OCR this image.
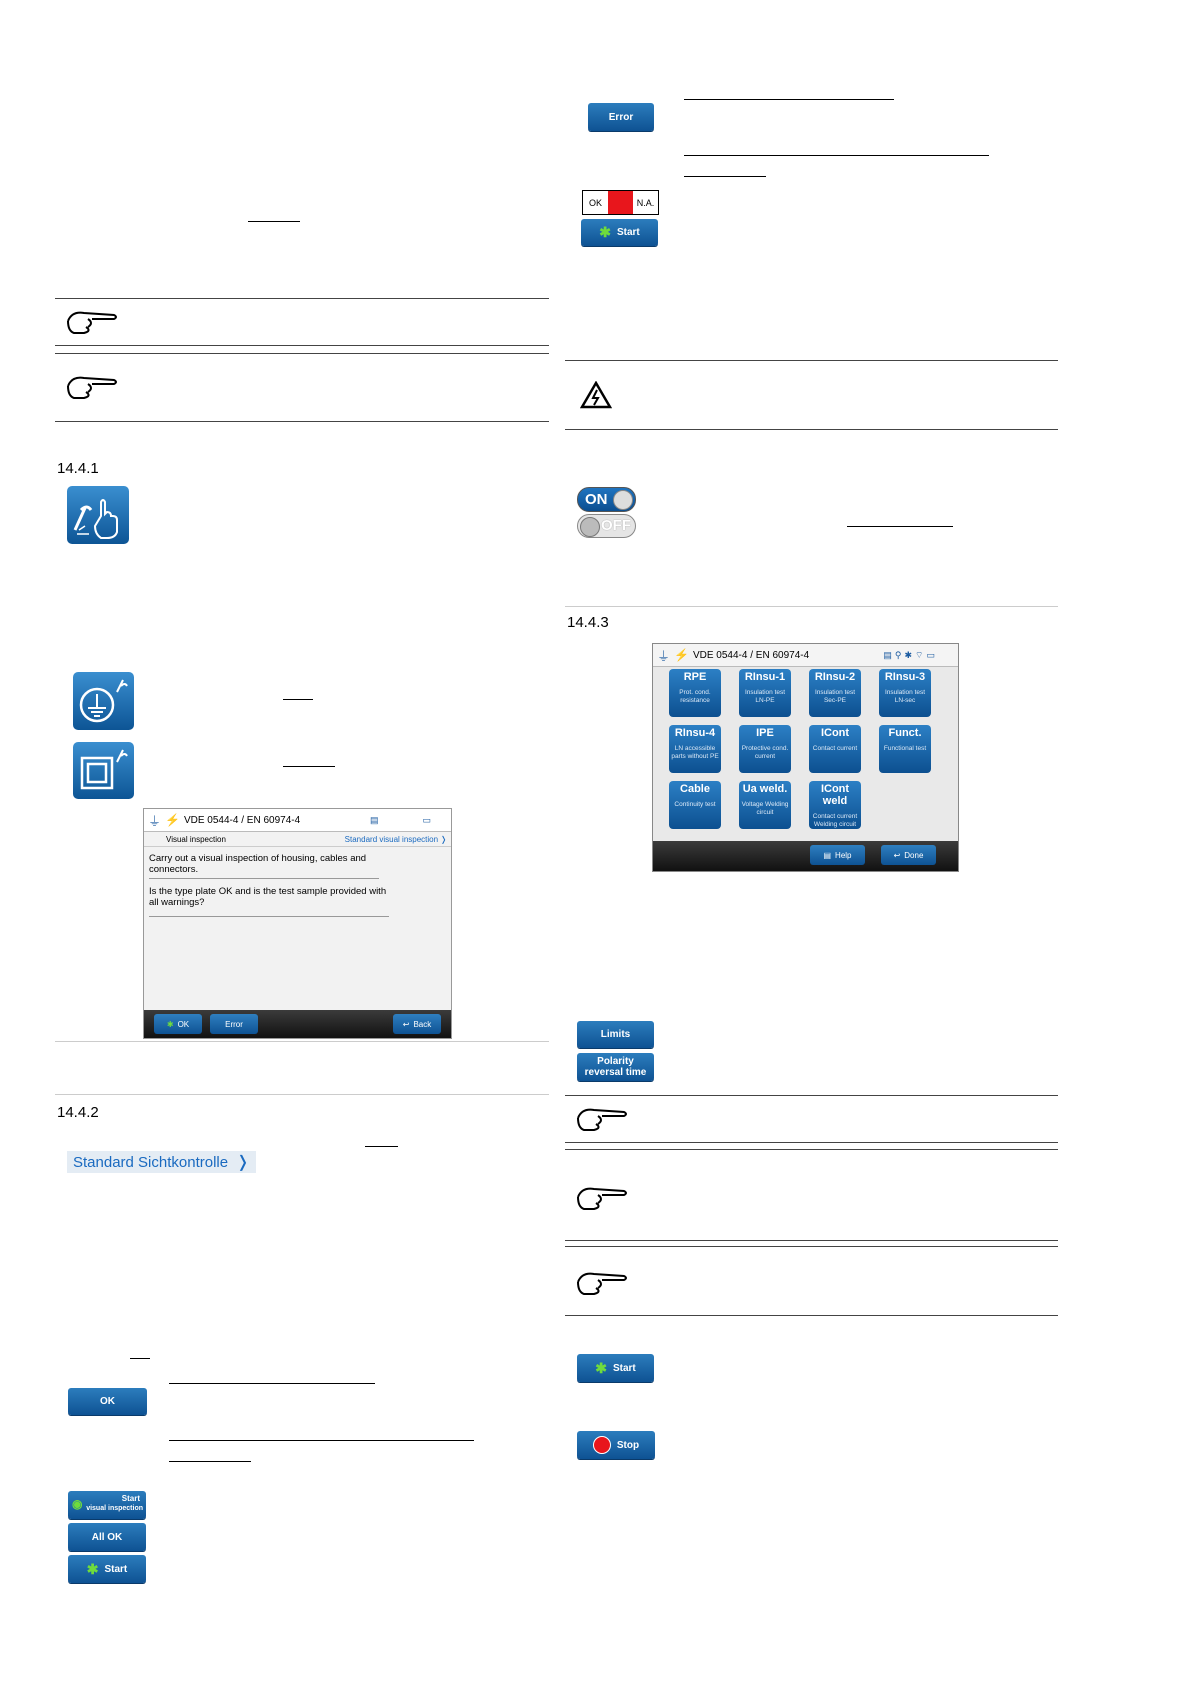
14.4.1
⏚ ⚡ VDE 0544-4 / EN 60974-4	▤	▭
Visual inspection	Standard visual inspection ❭
Carry out a visual inspection of housing, cables and connectors.
Is the type plate OK and is the test sample provided with all warnings?
✱ OK	Error	↩ Back
14.4.2
Standard Sichtkontrolle ❭
OK
◉	Start
visual inspection
All OK
✱ Start
Error
OK	F	N.A.
✱ Start
ON
OFF
14.4.3
⏚ ⚡ VDE 0544-4 / EN 60974-4	▤⚲✱⌔▭
RPE
Prot. cond. resistance
RInsu-1
Insulation test LN-PE
RInsu-2
Insulation test Sec-PE
RInsu-3
Insulation test LN-sec
RInsu-4
LN accessible parts without PE
IPE
Protective cond. current
ICont
Contact current
Funct.
Functional test
Cable
Continuity test
Ua weld.
Voltage Welding circuit
ICont weld
Contact current Welding circuit
▤ Help	↩ Done
Limits
Polarity
reversal time
✱ Start
Stop
